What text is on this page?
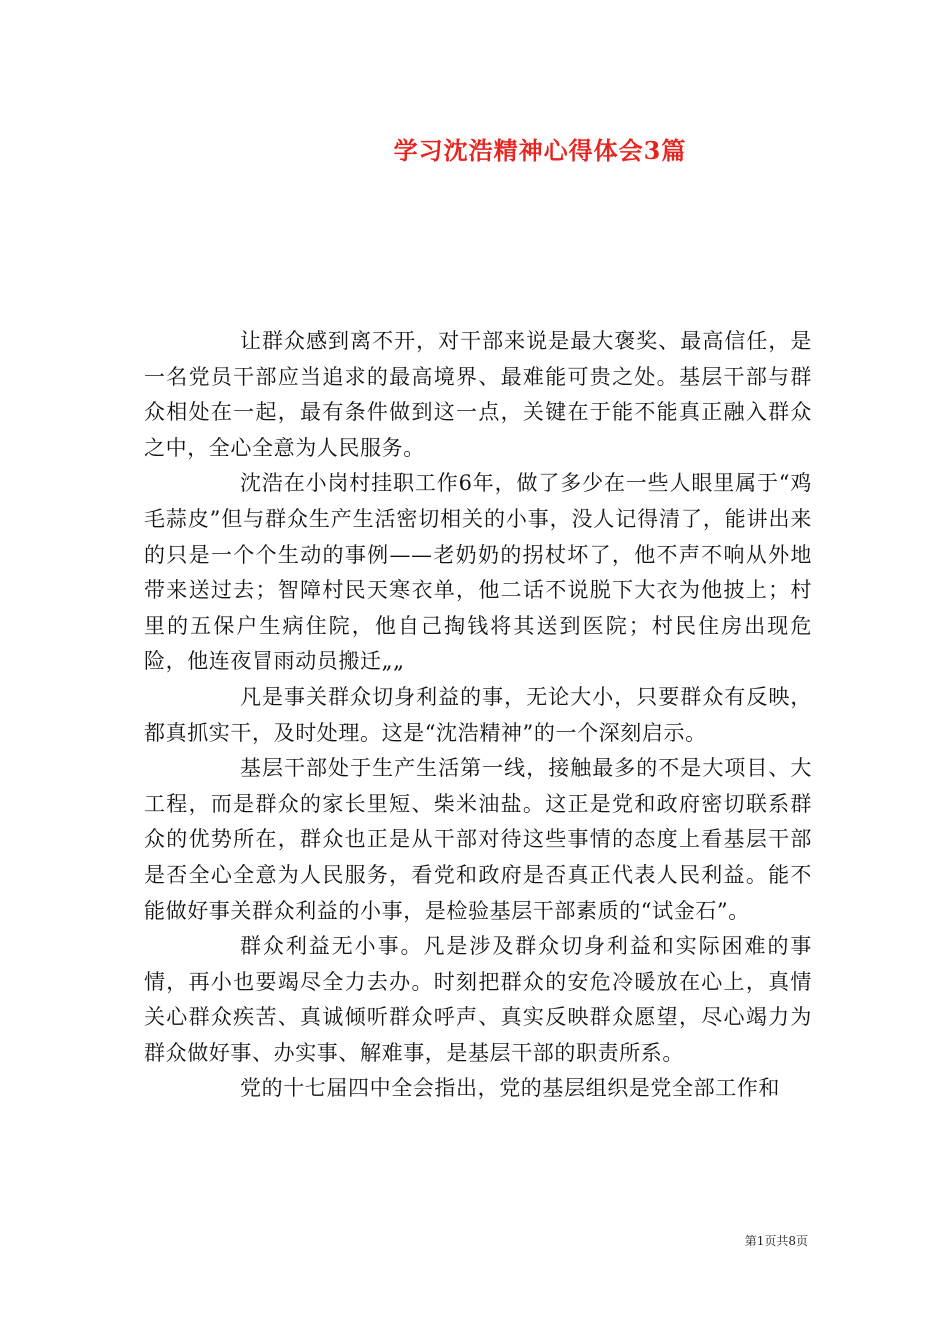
学习沈浩精神心得体会3篇

让群众感到离不开，对干部来说是最大褒奖、最高信任，是一名党员干部应当追求的最高境界、最难能可贵之处。基层干部与群众相处在一起，最有条件做到这一点，关键在于能不能真正融入群众之中，全心全意为人民服务。

沈浩在小岗村挂职工作6年，做了多少在一些人眼里属于“鸡毛蒜皮”但与群众生产生活密切相关的小事，没人记得清了，能讲出来的只是一个个生动的事例——老奶奶的拐杖坏了，他不声不响从外地带来送过去；智障村民天寒衣单，他二话不说脱下大衣为他披上；村里的五保户生病住院，他自己掏钱将其送到医院；村民住房出现危险，他连夜冒雨动员搬迁„„

凡是事关群众切身利益的事，无论大小，只要群众有反映，都真抓实干，及时处理。这是“沈浩精神”的一个深刻启示。

基层干部处于生产生活第一线，接触最多的不是大项目、大工程，而是群众的家长里短、柴米油盐。这正是党和政府密切联系群众的优势所在，群众也正是从干部对待这些事情的态度上看基层干部是否全心全意为人民服务，看党和政府是否真正代表人民利益。能不能做好事关群众利益的小事，是检验基层干部素质的“试金石”。

群众利益无小事。凡是涉及群众切身利益和实际困难的事情，再小也要竭尽全力去办。时刻把群众的安危冷暖放在心上，真情关心群众疾苦、真诚倾听群众呼声、真实反映群众愿望，尽心竭力为群众做好事、办实事、解难事，是基层干部的职责所系。

党的十七届四中全会指出，党的基层组织是党全部工作和

第1页共8页
